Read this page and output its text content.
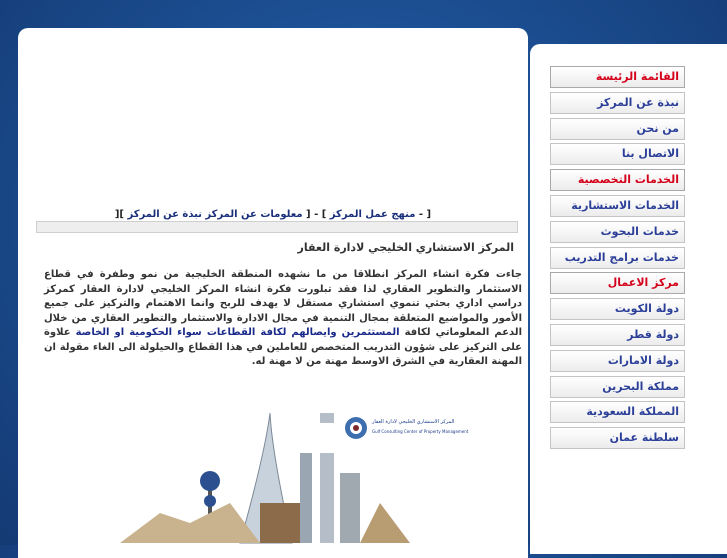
[ - منهج عمل المركز ] - [ معلومات عن المركز نبذة عن المركز ][
المركز الاستشاري الخليجي لادارة العقار
جاءت فكرة انشاء المركز انطلاقا من ما نشهده المنطقة الخليجية من نمو وطفرة في قطاع الاستثمار والتطوير العقاري لذا فقد تبلورت فكرة انشاء المركز الخليجي لادارة العقار كمركز دراسي اداري بحثي تنموي استشاري مستقل لا يهدف للربح وانما الاهتمام والتركيز على جميع الأمور والمواضيع المتعلقة بمجال التنمية في مجال الادارة والاستثمار والتطوير العقاري من خلال الدعم المعلوماتي لكافة المستثمرين وايصالهم لكافة القطاعات سواء الحكومية او الخاصة علاوة على التركيز على شؤون التدريب المتخصص للعاملين في هذا القطاع والحيلولة الى الغاء مقولة ان المهنة العقارية في الشرق الاوسط مهنة من لا مهنة له.
المركز الاستشاري الخليجي لادارة العقار
Gulf Consulting Center of Property Management
القائمة الرئيسة
نبذة عن المركز
من نحن
الاتصال بنا
الخدمات التخصصية
الخدمات الاستشارية
خدمات البحوث
خدمات برامج التدريب
مركز الاعمال
دولة الكويت
دولة قطر
دولة الامارات
مملكة البحرين
المملكة السعودية
سلطنة عمان
